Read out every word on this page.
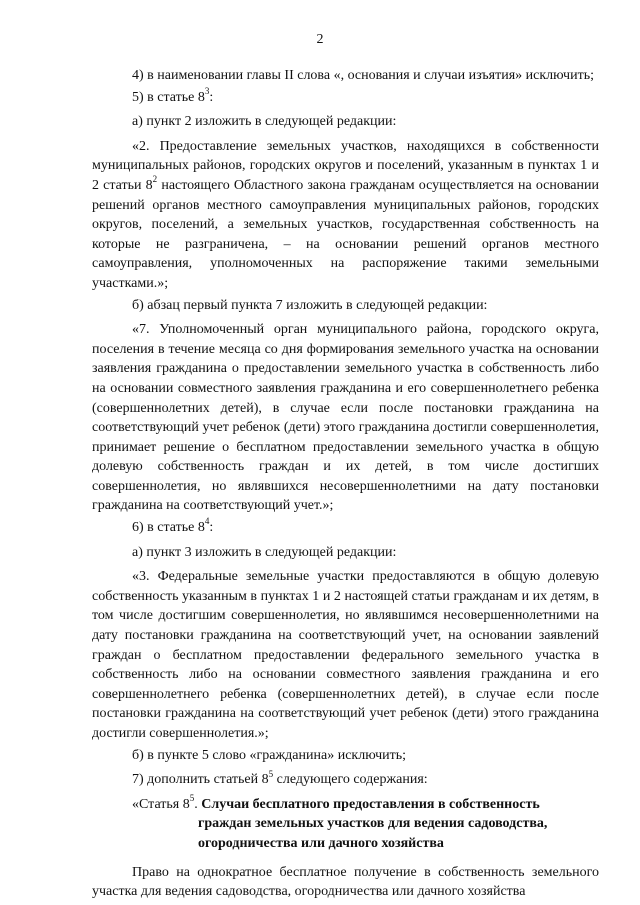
2

4) в наименовании главы II слова «, основания и случаи изъятия» исключить;

5) в статье $8^3$:

а) пункт 2 изложить в следующей редакции:

«2. Предоставление земельных участков, находящихся в собственности муниципальных районов, городских округов и поселений, указанным в пунктах 1 и 2 статьи $8^2$ настоящего Областного закона гражданам осуществляется на основании решений органов местного самоуправления муниципальных районов, городских округов, поселений, а земельных участков, государственная собственность на которые не разграничена, – на основании решений органов местного самоуправления, уполномоченных на распоряжение такими земельными участками.»;

б) абзац первый пункта 7 изложить в следующей редакции:

«7. Уполномоченный орган муниципального района, городского округа, поселения в течение месяца со дня формирования земельного участка на основании заявления гражданина о предоставлении земельного участка в собственность либо на основании совместного заявления гражданина и его совершеннолетнего ребенка (совершеннолетних детей), в случае если после постановки гражданина на соответствующий учет ребенок (дети) этого гражданина достигли совершеннолетия, принимает решение о бесплатном предоставлении земельного участка в общую долевую собственность граждан и их детей, в том числе достигших совершеннолетия, но являвшихся несовершеннолетними на дату постановки гражданина на соответствующий учет.»;

6) в статье $8^4$:

а) пункт 3 изложить в следующей редакции:

«3. Федеральные земельные участки предоставляются в общую долевую собственность указанным в пунктах 1 и 2 настоящей статьи гражданам и их детям, в том числе достигшим совершеннолетия, но являвшимся несовершеннолетними на дату постановки гражданина на соответствующий учет, на основании заявлений граждан о бесплатном предоставлении федерального земельного участка в собственность либо на основании совместного заявления гражданина и его совершеннолетнего ребенка (совершеннолетних детей), в случае если после постановки гражданина на соответствующий учет ребенок (дети) этого гражданина достигли совершеннолетия.»;

б) в пункте 5 слово «гражданина» исключить;

7) дополнить статьей $8^5$ следующего содержания:

«Статья $8^5$. Случаи бесплатного предоставления в собственность
граждан земельных участков для ведения садоводства, огородничества или дачного хозяйства

Право на однократное бесплатное получение в собственность земельного участка для ведения садоводства, огородничества или дачного хозяйства
